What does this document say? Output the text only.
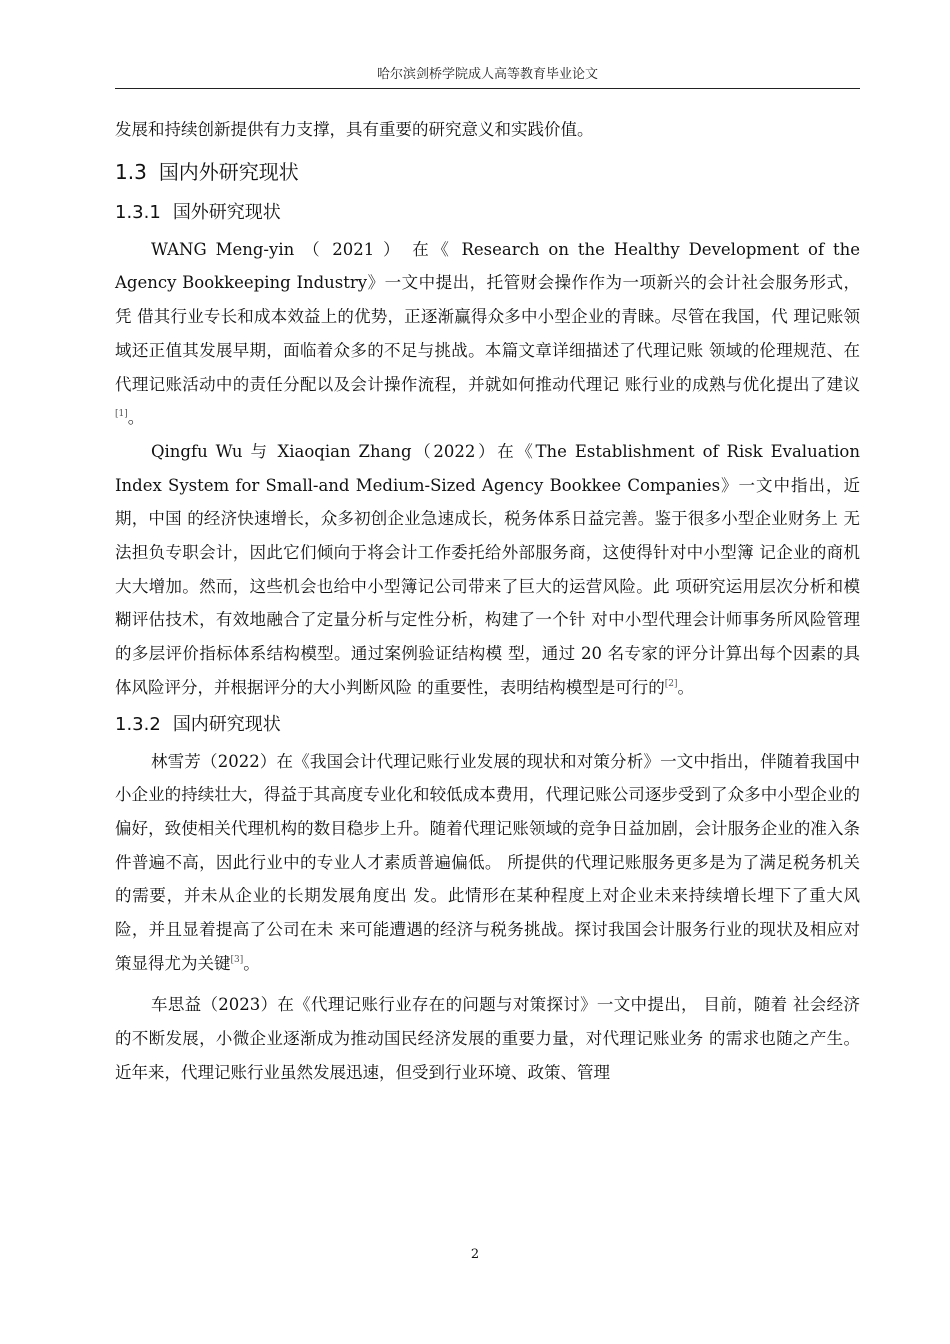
哈尔滨剑桥学院成人高等教育毕业论文

发展和持续创新提供有力支撑，具有重要的研究意义和实践价值。

1.3 国内外研究现状
1.3.1 国外研究现状

WANG Meng-yin （ 2021 ） 在《 Research on the Healthy Development of the Agency Bookkeeping Industry》一文中提出，托管财会操作作为一项新兴的会计社会服务形式，凭 借其行业专长和成本效益上的优势，正逐渐赢得众多中小型企业的青睐。尽管在我国，代 理记账领域还正值其发展早期，面临着众多的不足与挑战。本篇文章详细描述了代理记账 领域的伦理规范、在代理记账活动中的责任分配以及会计操作流程，并就如何推动代理记 账行业的成熟与优化提出了建议[1]。

Qingfu Wu 与 Xiaoqian Zhang（2022）在《The Establishment of Risk Evaluation Index System for Small-and Medium-Sized Agency Bookkee Companies》一文中指出，近期，中国 的经济快速增长，众多初创企业急速成长，税务体系日益完善。鉴于很多小型企业财务上 无法担负专职会计，因此它们倾向于将会计工作委托给外部服务商，这使得针对中小型簿 记企业的商机大大增加。然而，这些机会也给中小型簿记公司带来了巨大的运营风险。此 项研究运用层次分析和模糊评估技术，有效地融合了定量分析与定性分析，构建了一个针 对中小型代理会计师事务所风险管理的多层评价指标体系结构模型。通过案例验证结构模 型，通过 20 名专家的评分计算出每个因素的具体风险评分，并根据评分的大小判断风险 的重要性，表明结构模型是可行的[2]。

1.3.2 国内研究现状

林雪芳（2022）在《我国会计代理记账行业发展的现状和对策分析》一文中指出，伴随着我国中小企业的持续壮大，得益于其高度专业化和较低成本费用，代理记账公司逐步受到了众多中小型企业的偏好，致使相关代理机构的数目稳步上升。随着代理记账领域的竞争日益加剧，会计服务企业的准入条件普遍不高，因此行业中的专业人才素质普遍偏低。 所提供的代理记账服务更多是为了满足税务机关的需要，并未从企业的长期发展角度出 发。此情形在某种程度上对企业未来持续增长埋下了重大风险，并且显着提高了公司在未 来可能遭遇的经济与税务挑战。探讨我国会计服务行业的现状及相应对策显得尤为关键[3]。

车思益（2023）在《代理记账行业存在的问题与对策探讨》一文中提出， 目前，随着 社会经济的不断发展，小微企业逐渐成为推动国民经济发展的重要力量，对代理记账业务 的需求也随之产生。近年来，代理记账行业虽然发展迅速，但受到行业环境、政策、管理

2
